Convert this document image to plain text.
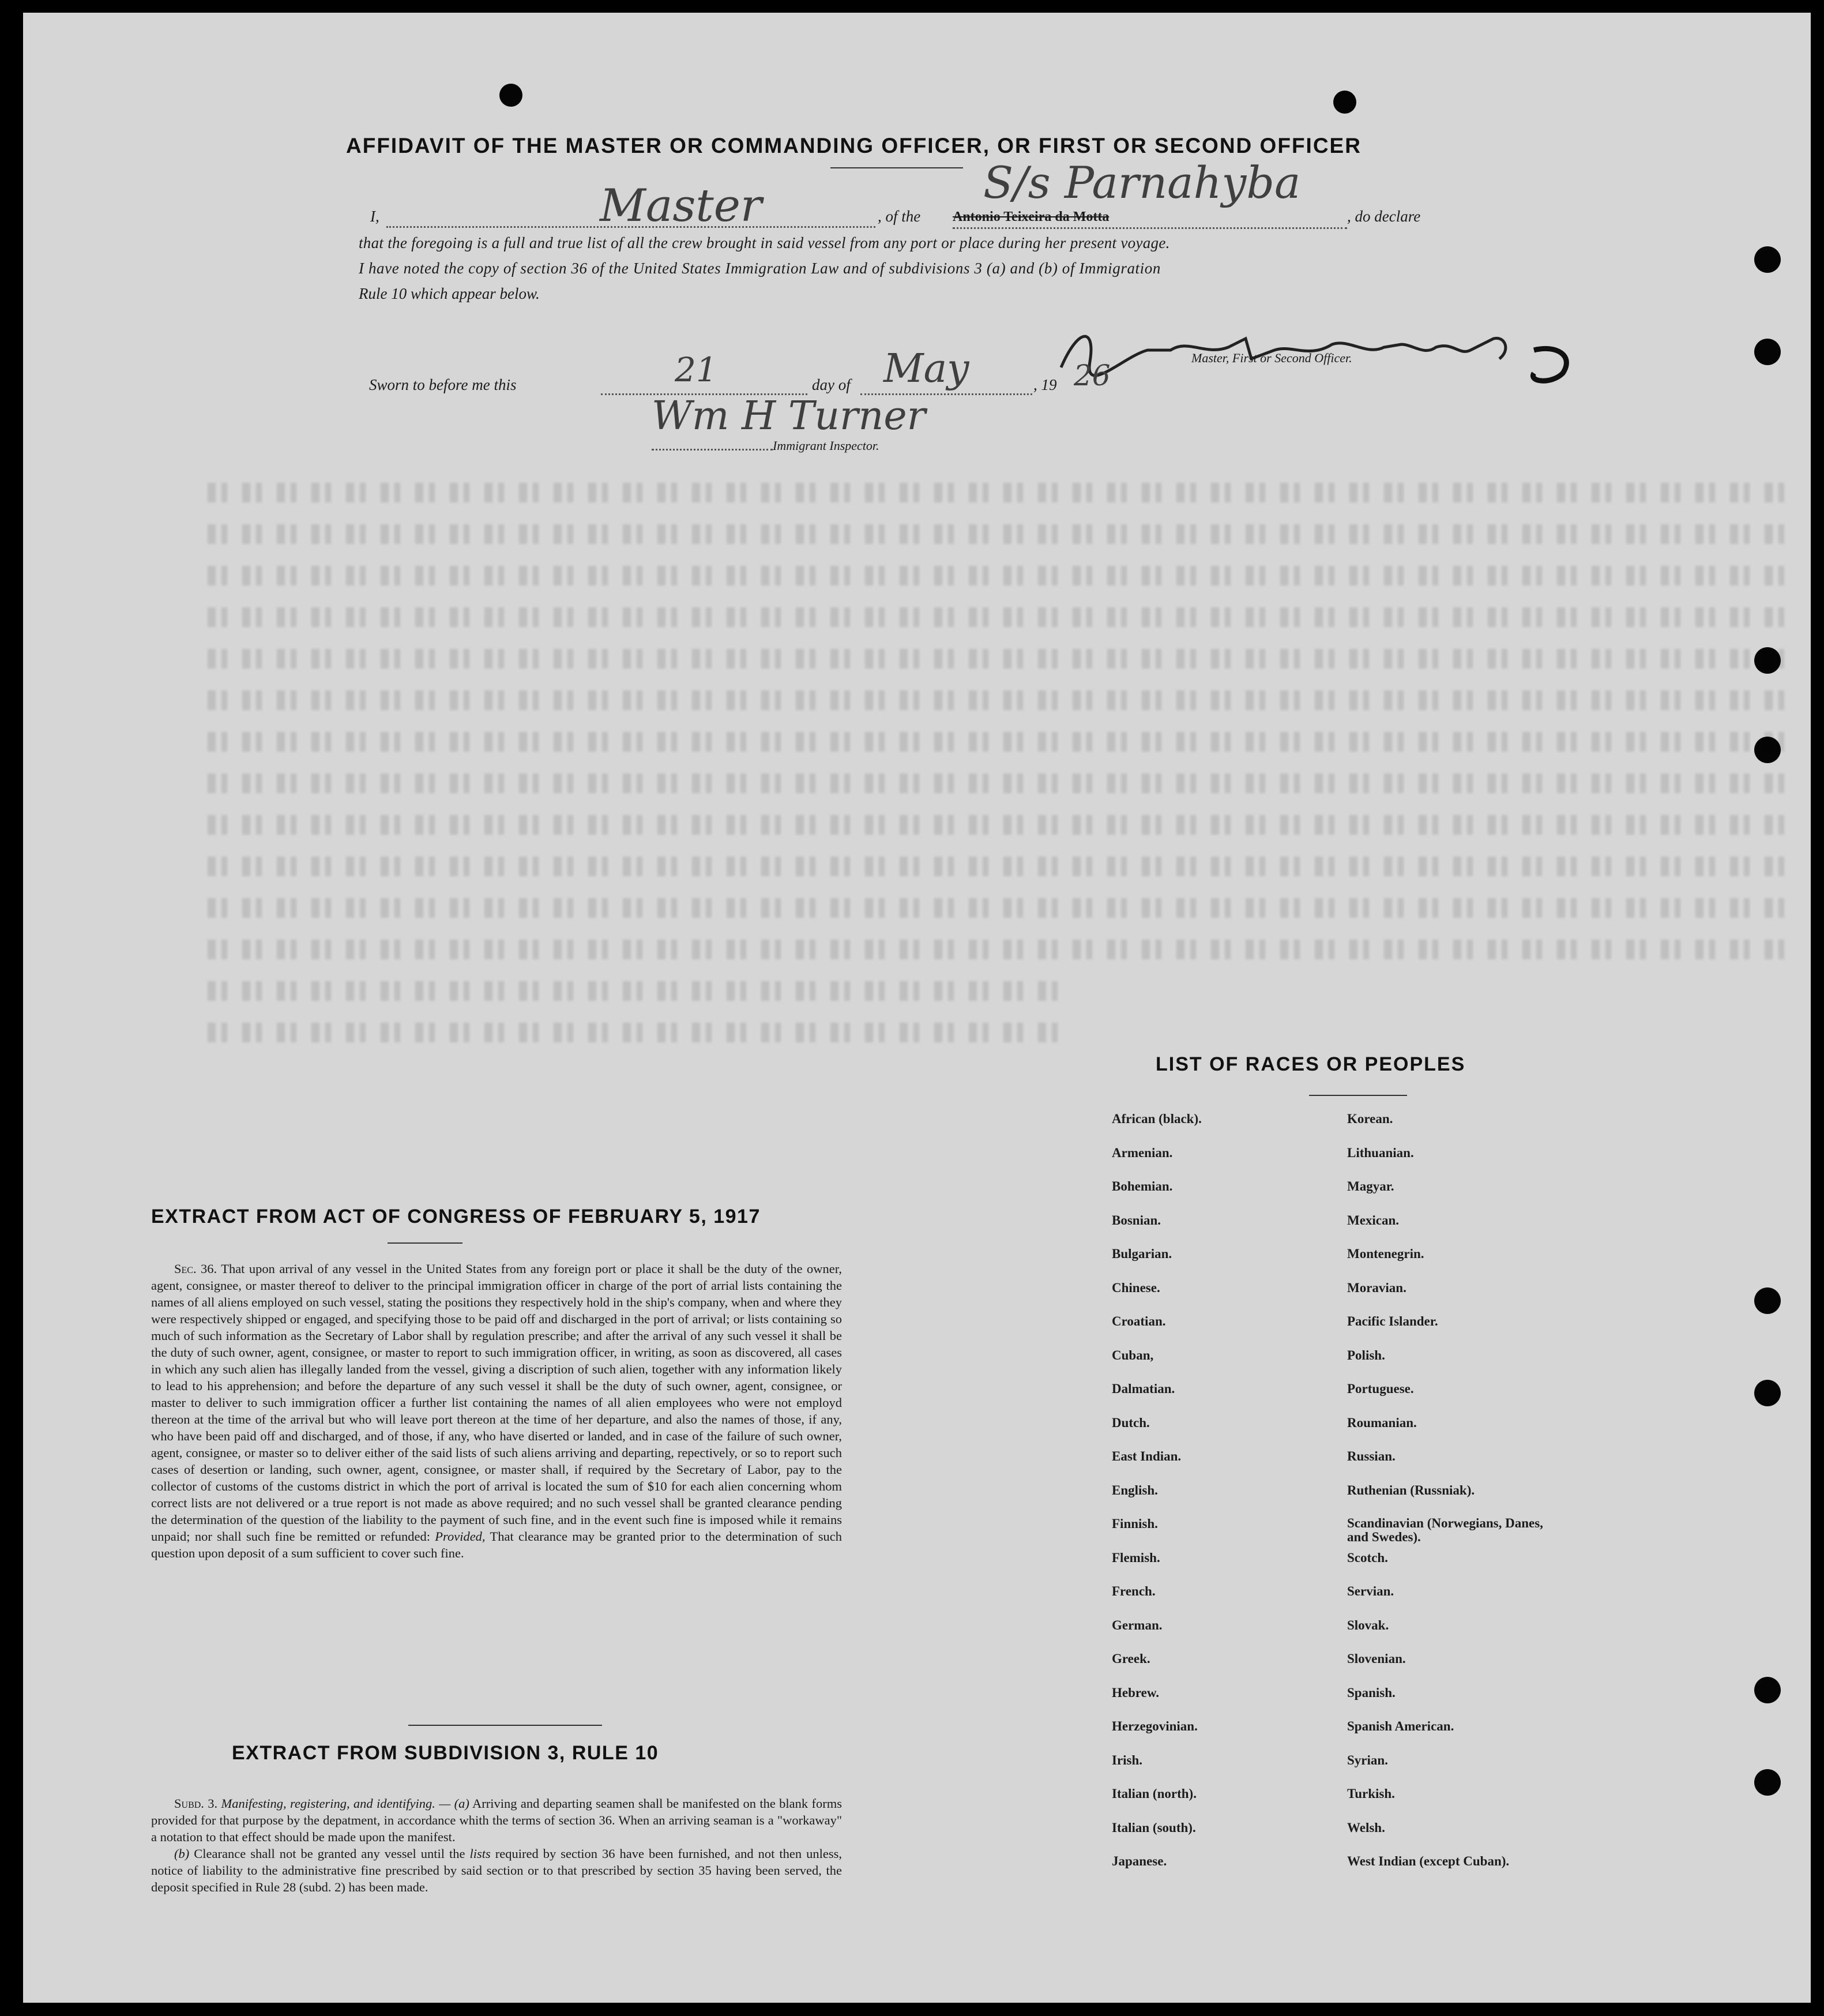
AFFIDAVIT OF THE MASTER OR COMMANDING OFFICER, OR FIRST OR SECOND OFFICER
I,	Master	, of the
S/s Parnahyba
Antonio Teixeira da Motta	, do declare
that the foregoing is a full and true list of all the crew brought in said vessel from any port or place during her present voyage.
I have noted the copy of section 36 of the United States Immigration Law and of subdivisions 3 (a) and (b) of Immigration
Rule 10 which appear below.
Master, First or Second Officer.
Sworn to before me this	21	day of May	, 19 26
Wm H Turner
Immigrant Inspector.
EXTRACT FROM ACT OF CONGRESS OF FEBRUARY 5, 1917
Sec. 36. That upon arrival of any vessel in the United States from any foreign port or place it shall be the duty of the owner, agent, consignee, or master thereof to deliver to the principal immigration officer in charge of the port of arrial lists containing the names of all aliens employed on such vessel, stating the positions they respectively hold in the ship's company, when and where they were respectively shipped or engaged, and specifying those to be paid off and discharged in the port of arrival; or lists containing so much of such information as the Secretary of Labor shall by regulation prescribe; and after the arrival of any such vessel it shall be the duty of such owner, agent, consignee, or master to report to such immigration officer, in writing, as soon as discovered, all cases in which any such alien has illegally landed from the vessel, giving a discription of such alien, together with any information likely to lead to his apprehension; and before the departure of any such vessel it shall be the duty of such owner, agent, consignee, or master to deliver to such immigration officer a further list containing the names of all alien employees who were not employd thereon at the time of the arrival but who will leave port thereon at the time of her departure, and also the names of those, if any, who have been paid off and discharged, and of those, if any, who have diserted or landed, and in case of the failure of such owner, agent, consignee, or master so to deliver either of the said lists of such aliens arriving and departing, repectively, or so to report such cases of desertion or landing, such owner, agent, consignee, or master shall, if required by the Secretary of Labor, pay to the collector of customs of the customs district in which the port of arrival is located the sum of $10 for each alien concerning whom correct lists are not delivered or a true report is not made as above required; and no such vessel shall be granted clearance pending the determination of the question of the liability to the payment of such fine, and in the event such fine is imposed while it remains unpaid; nor shall such fine be remitted or refunded: Provided, That clearance may be granted prior to the determination of such question upon deposit of a sum sufficient to cover such fine.
EXTRACT FROM SUBDIVISION 3, RULE 10

Subd. 3. Manifesting, registering, and identifying. — (a) Arriving and departing seamen shall be manifested on the blank forms provided for that purpose by the depatment, in accordance whith the terms of section 36. When an arriving seaman is a "workaway" a notation to that effect should be made upon the manifest.

(b) Clearance shall not be granted any vessel until the lists required by section 36 have been furnished, and not then unless, notice of liability to the administrative fine prescribed by said section or to that prescribed by section 35 having been served, the deposit specified in Rule 28 (subd. 2) has been made.

LIST OF RACES OR PEOPLES
African (black).
Armenian.
Bohemian.
Bosnian.
Bulgarian.
Chinese.
Croatian.
Cuban,
Dalmatian.
Dutch.
East Indian.
English.
Finnish.
Flemish.
French.
German.
Greek.
Hebrew.
Herzegovinian.
Irish.
Italian (north).
Italian (south).
Japanese.
Korean.
Lithuanian.
Magyar.
Mexican.
Montenegrin.
Moravian.
Pacific Islander.
Polish.
Portuguese.
Roumanian.
Russian.
Ruthenian (Russniak).
Scandinavian (Norwegians, Danes, and Swedes).
Scotch.
Servian.
Slovak.
Slovenian.
Spanish.
Spanish American.
Syrian.
Turkish.
Welsh.
West Indian (except Cuban).
